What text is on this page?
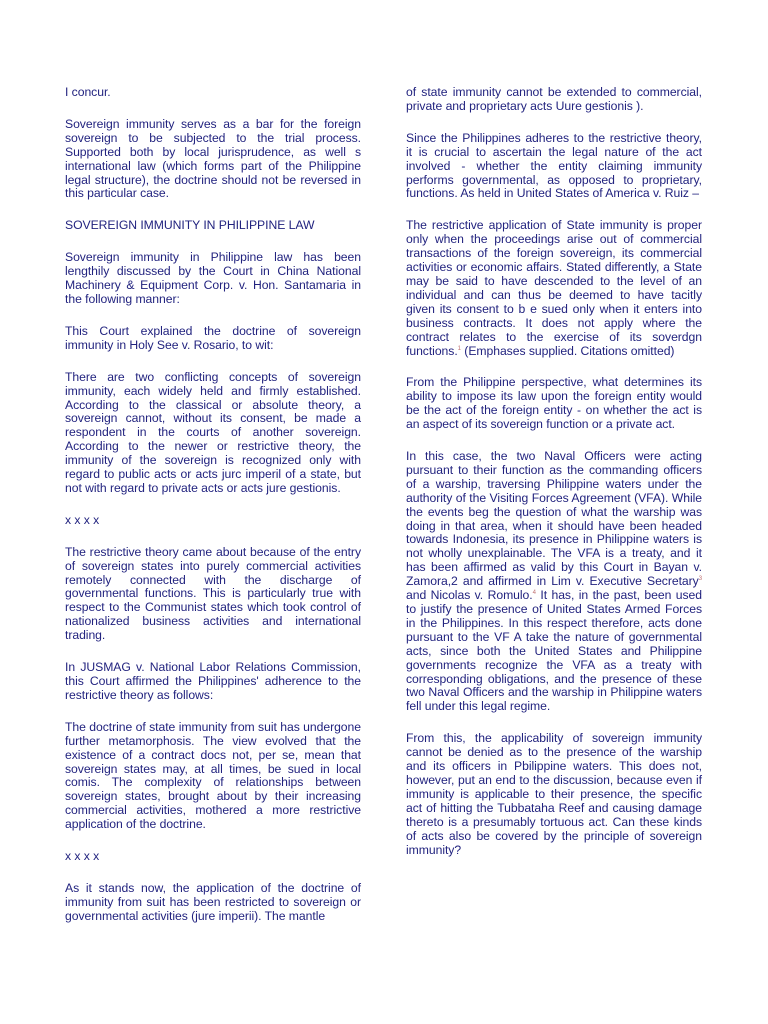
I concur.

Sovereign immunity serves as a bar for the foreign sovereign to be subjected to the trial process. Supported both by local jurisprudence, as well s international law (which forms part of the Philippine legal structure), the doctrine should not be reversed in this particular case.

SOVEREIGN IMMUNITY IN PHILIPPINE LAW

Sovereign immunity in Philippine law has been lengthily discussed by the Court in China National Machinery & Equipment Corp. v. Hon. Santamaria in the following manner:

This Court explained the doctrine of sovereign immunity in Holy See v. Rosario, to wit:

There are two conflicting concepts of sovereign immunity, each widely held and firmly established. According to the classical or absolute theory, a sovereign cannot, without its consent, be made a respondent in the courts of another sovereign. According to the newer or restrictive theory, the immunity of the sovereign is recognized only with regard to public acts or acts jurc imperil of a state, but not with regard to private acts or acts jure gestionis.

x x x x

The restrictive theory came about because of the entry of sovereign states into purely commercial activities remotely connected with the discharge of governmental functions. This is particularly true with respect to the Communist states which took control of nationalized business activities and international trading.

In JUSMAG v. National Labor Relations Commission, this Court affirmed the Philippines' adherence to the restrictive theory as follows:

The doctrine of state immunity from suit has undergone further metamorphosis. The view evolved that the existence of a contract docs not, per se, mean that sovereign states may, at all times, be sued in local comis. The complexity of relationships between sovereign states, brought about by their increasing commercial activities, mothered a more restrictive application of the doctrine.

x x x x

As it stands now, the application of the doctrine of immunity from suit has been restricted to sovereign or governmental activities (jure imperii). The mantle

of state immunity cannot be extended to commercial, private and proprietary acts Uure gestionis ).

Since the Philippines adheres to the restrictive theory, it is crucial to ascertain the legal nature of the act involved - whether the entity claiming immunity performs governmental, as opposed to proprietary, functions. As held in United States of America v. Ruiz –

The restrictive application of State immunity is proper only when the proceedings arise out of commercial transactions of the foreign sovereign, its commercial activities or economic affairs. Stated differently, a State may be said to have descended to the level of an individual and can thus be deemed to have tacitly given its consent to b e sued only when it enters into business contracts. It does not apply where the contract relates to the exercise of its soverdgn functions.$^1$ (Emphases supplied. Citations omitted)

From the Philippine perspective, what determines its ability to impose its law upon the foreign entity would be the act of the foreign entity - on whether the act is an aspect of its sovereign function or a private act.

In this case, the two Naval Officers were acting pursuant to their function as the commanding officers of a warship, traversing Philippine waters under the authority of the Visiting Forces Agreement (VFA). While the events beg the question of what the warship was doing in that area, when it should have been headed towards Indonesia, its presence in Philippine waters is not wholly unexplainable. The VFA is a treaty, and it has been affirmed as valid by this Court in Bayan v. Zamora,2 and affirmed in Lim v. Executive Secretary$^3$ and Nicolas v. Romulo.$^4$ It has, in the past, been used to justify the presence of United States Armed Forces in the Philippines. In this respect therefore, acts done pursuant to the VF A take the nature of governmental acts, since both the United States and Philippine governments recognize the VFA as a treaty with corresponding obligations, and the presence of these two Naval Officers and the warship in Philippine waters fell under this legal regime.

From this, the applicability of sovereign immunity cannot be denied as to the presence of the warship and its officers in Pbilippine waters. This does not, however, put an end to the discussion, because even if immunity is applicable to their presence, the specific act of hitting the Tubbataha Reef and causing damage thereto is a presumably tortuous act. Can these kinds of acts also be covered by the principle of sovereign immunity?
